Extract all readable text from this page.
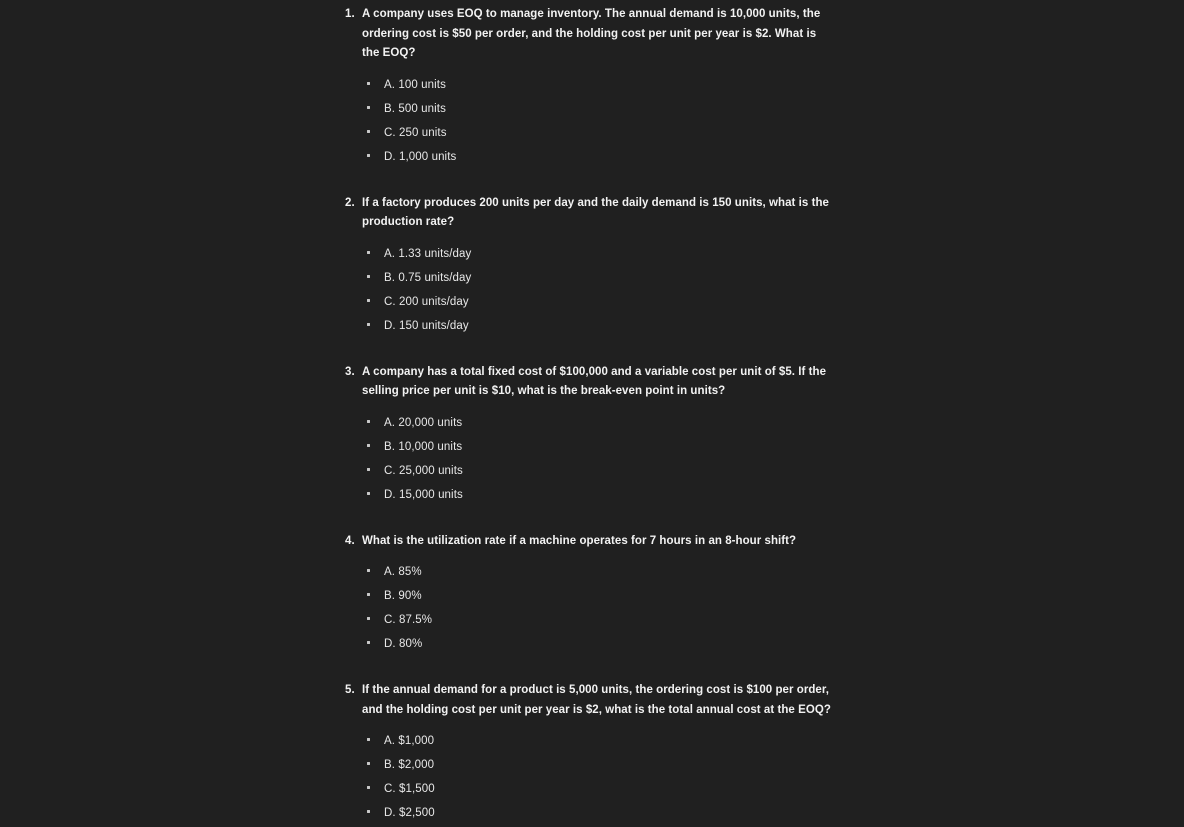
1. A company uses EOQ to manage inventory. The annual demand is 10,000 units, the ordering cost is $50 per order, and the holding cost per unit per year is $2. What is the EOQ?
A. 100 units
B. 500 units
C. 250 units
D. 1,000 units
2. If a factory produces 200 units per day and the daily demand is 150 units, what is the production rate?
A. 1.33 units/day
B. 0.75 units/day
C. 200 units/day
D. 150 units/day
3. A company has a total fixed cost of $100,000 and a variable cost per unit of $5. If the selling price per unit is $10, what is the break-even point in units?
A. 20,000 units
B. 10,000 units
C. 25,000 units
D. 15,000 units
4. What is the utilization rate if a machine operates for 7 hours in an 8-hour shift?
A. 85%
B. 90%
C. 87.5%
D. 80%
5. If the annual demand for a product is 5,000 units, the ordering cost is $100 per order, and the holding cost per unit per year is $2, what is the total annual cost at the EOQ?
A. $1,000
B. $2,000
C. $1,500
D. $2,500
